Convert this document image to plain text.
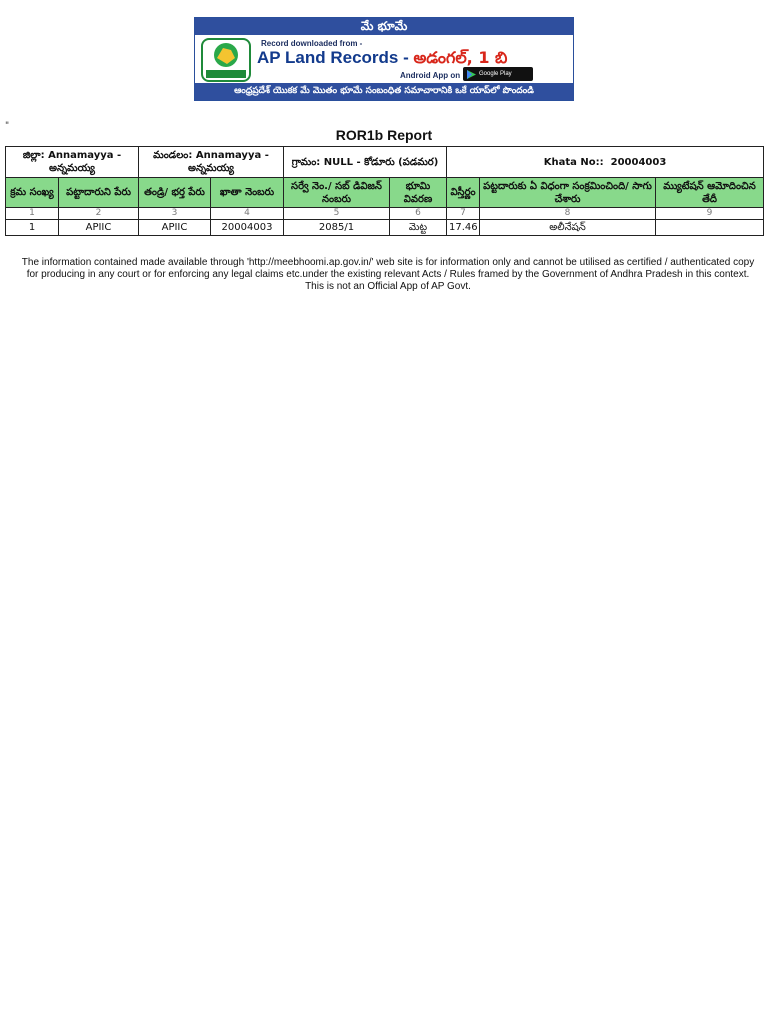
మే భూమే
Record downloaded from -
AP Land Records - అడంగల్, 1 బి
Android App on	Google Play
ఆంధ్రప్రదేశ్ యొకక మే మొతం భూమే సంబంధిత సమాచారానికి ఒకే యాప్‌లో పొందండి
"
ROR1b Report
జిల్లా: Annamayya - అన్నమయ్య		మండలం: Annamayya - అన్నమయ్య		గ్రామం: NULL - కోడూరు (పడమర)		Khata No:: 20004003		
క్రమ సంఖ్య	పట్టాదారుని పేరు	తండ్రి/ భర్త పేరు	ఖాతా నెంబరు	సర్వే నెం./ సబ్ డివిజన్ నంబరు	భూమి వివరణ	విస్తీర్ణం	పట్టదారుకు ఏ విధంగా సంక్రమించింది/ సాగు చేశారు	మ్యుటేషన్ ఆమోదించిన తేదీ
1	2	3	4	5	6	7	8	9
1	APIIC	APIIC	20004003	2085/1	మెట్ట	17.46	అలీనేషన్	
The information contained made available through 'http://meebhoomi.ap.gov.in/' web site is for information only and cannot be utilised as certified / authenticated copy for producing in any court or for enforcing any legal claims etc.under the existing relevant Acts / Rules framed by the Government of Andhra Pradesh in this context. This is not an Official App of AP Govt.
